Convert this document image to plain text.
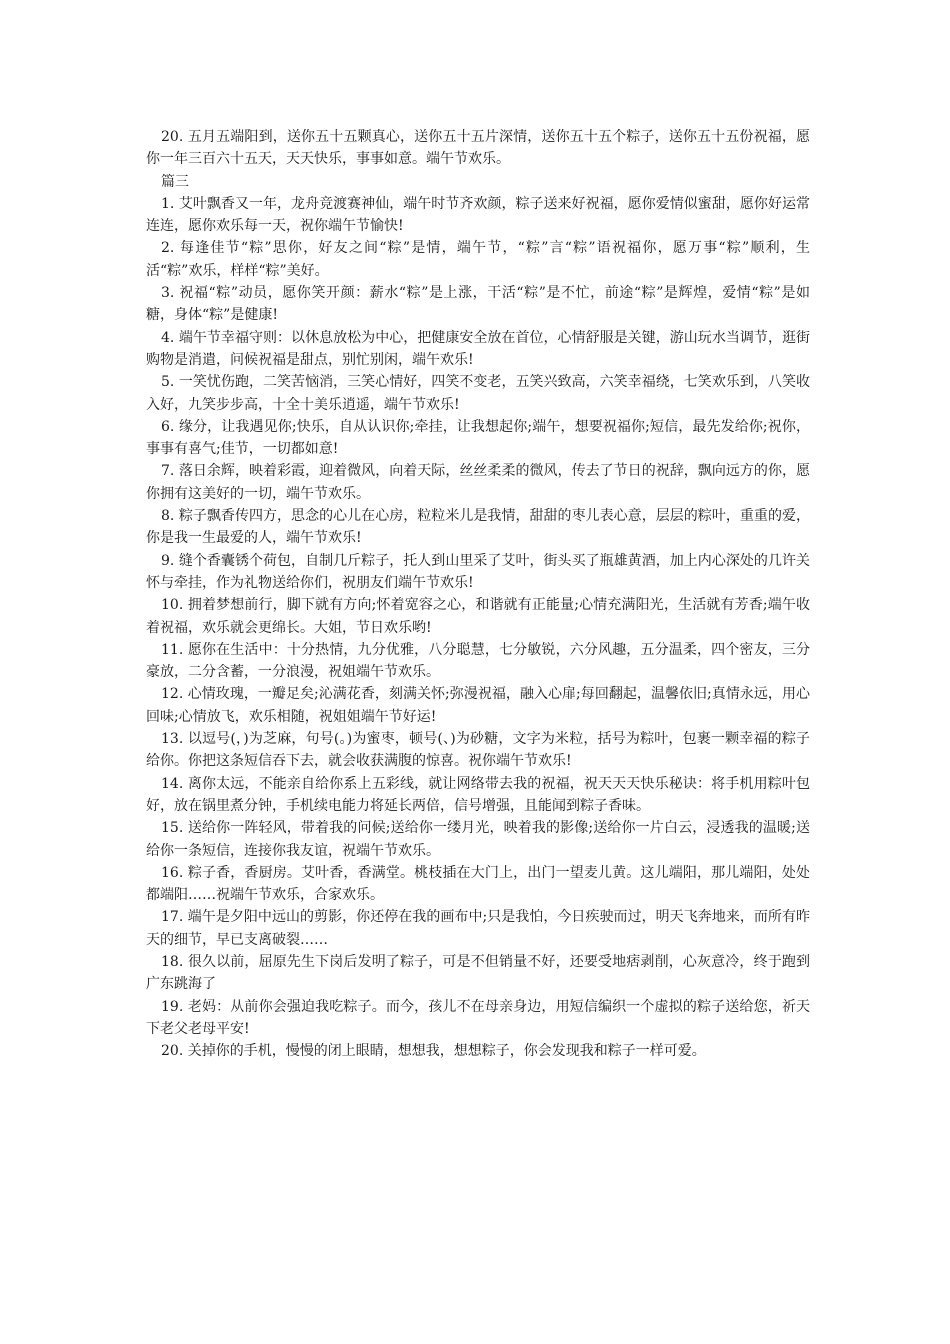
20. 五月五端阳到，送你五十五颗真心，送你五十五片深情，送你五十五个粽子，送你五十五份祝福，愿你一年三百六十五天，天天快乐，事事如意。端午节欢乐。

篇三

1. 艾叶飘香又一年，龙舟竞渡赛神仙，端午时节齐欢颜，粽子送来好祝福，愿你爱情似蜜甜，愿你好运常连连，愿你欢乐每一天，祝你端午节愉快!

2. 每逢佳节“粽”思你，好友之间“粽”是情，端午节，“粽”言“粽”语祝福你，愿万事“粽”顺利，生活“粽”欢乐，样样“粽”美好。

3. 祝福“粽”动员，愿你笑开颜：薪水“粽”是上涨，干活“粽”是不忙，前途“粽”是辉煌，爱情“粽”是如糖，身体“粽”是健康!

4. 端午节幸福守则：以休息放松为中心，把健康安全放在首位，心情舒服是关键，游山玩水当调节，逛街购物是消遣，问候祝福是甜点，别忙别闲，端午欢乐!

5. 一笑忧伤跑，二笑苦恼消，三笑心情好，四笑不变老，五笑兴致高，六笑幸福绕，七笑欢乐到，八笑收入好，九笑步步高，十全十美乐逍遥，端午节欢乐!

6. 缘分，让我遇见你;快乐，自从认识你;牵挂，让我想起你;端午，想要祝福你;短信，最先发给你;祝你，事事有喜气;佳节，一切都如意!

7. 落日余辉，映着彩霞，迎着微风，向着天际，丝丝柔柔的微风，传去了节日的祝辞，飘向远方的你，愿你拥有这美好的一切，端午节欢乐。

8. 粽子飘香传四方，思念的心儿在心房，粒粒米儿是我情，甜甜的枣儿表心意，层层的粽叶，重重的爱，你是我一生最爱的人，端午节欢乐!

9. 缝个香囊锈个荷包，自制几斤粽子，托人到山里采了艾叶，街头买了瓶雄黄酒，加上内心深处的几许关怀与牵挂，作为礼物送给你们，祝朋友们端午节欢乐!

10. 拥着梦想前行，脚下就有方向;怀着宽容之心，和谐就有正能量;心情充满阳光，生活就有芳香;端午收着祝福，欢乐就会更绵长。大姐，节日欢乐哟!

11. 愿你在生活中：十分热情，九分优雅，八分聪慧，七分敏锐，六分风趣，五分温柔，四个密友，三分豪放，二分含蓄，一分浪漫，祝姐端午节欢乐。

12. 心情玫瑰，一瓣足矣;沁满花香，刻满关怀;弥漫祝福，融入心扉;每回翻起，温馨依旧;真情永远，用心回味;心情放飞，欢乐相随，祝姐姐端午节好运!

13. 以逗号(，)为芝麻，句号(。)为蜜枣，顿号(、)为砂糖，文字为米粒，括号为粽叶，包裹一颗幸福的粽子给你。你把这条短信吞下去，就会收获满腹的惊喜。祝你端午节欢乐!

14. 离你太远，不能亲自给你系上五彩线，就让网络带去我的祝福，祝天天天快乐秘诀：将手机用粽叶包好，放在锅里煮分钟，手机续电能力将延长两倍，信号增强，且能闻到粽子香味。

15. 送给你一阵轻风，带着我的问候;送给你一缕月光，映着我的影像;送给你一片白云，浸透我的温暖;送给你一条短信，连接你我友谊，祝端午节欢乐。

16. 粽子香，香厨房。艾叶香，香满堂。桃枝插在大门上，出门一望麦儿黄。这儿端阳，那儿端阳，处处都端阳……祝端午节欢乐，合家欢乐。

17. 端午是夕阳中远山的剪影，你还停在我的画布中;只是我怕，今日疾驶而过，明天飞奔地来，而所有昨天的细节，早已支离破裂……

18. 很久以前，屈原先生下岗后发明了粽子，可是不但销量不好，还要受地痞剥削，心灰意冷，终于跑到广东跳海了

19. 老妈：从前你会强迫我吃粽子。而今，孩儿不在母亲身边，用短信编织一个虚拟的粽子送给您，祈天下老父老母平安!

20. 关掉你的手机，慢慢的闭上眼睛，想想我，想想粽子，你会发现我和粽子一样可爱。
